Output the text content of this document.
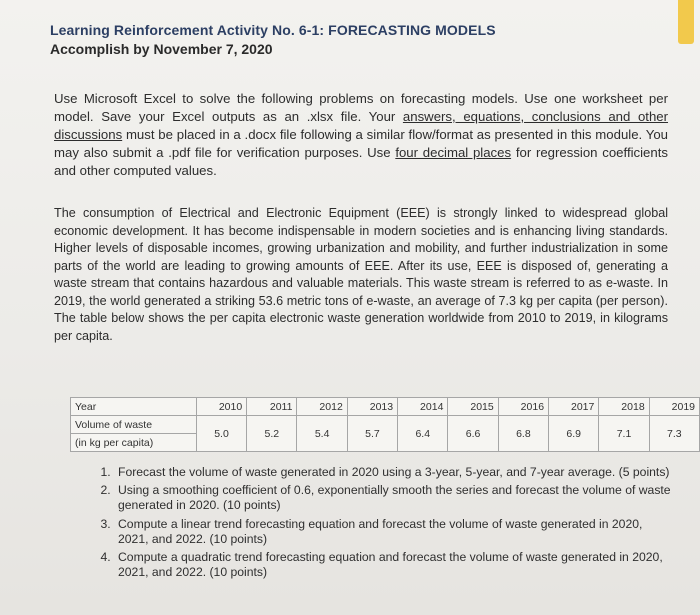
Learning Reinforcement Activity No. 6-1: FORECASTING MODELS
Accomplish by November 7, 2020

Use Microsoft Excel to solve the following problems on forecasting models. Use one worksheet per model. Save your Excel outputs as an .xlsx file. Your answers, equations, conclusions and other discussions must be placed in a .docx file following a similar flow/format as presented in this module. You may also submit a .pdf file for verification purposes. Use four decimal places for regression coefficients and other computed values.

The consumption of Electrical and Electronic Equipment (EEE) is strongly linked to widespread global economic development. It has become indispensable in modern societies and is enhancing living standards. Higher levels of disposable incomes, growing urbanization and mobility, and further industrialization in some parts of the world are leading to growing amounts of EEE. After its use, EEE is disposed of, generating a waste stream that contains hazardous and valuable materials. This waste stream is referred to as e-waste. In 2019, the world generated a striking 53.6 metric tons of e-waste, an average of 7.3 kg per capita (per person). The table below shows the per capita electronic waste generation worldwide from 2010 to 2019, in kilograms per capita.

Year	2010	2011	2012	2013	2014	2015	2016	2017	2018	2019
Volume of waste	5.0	5.2	5.4	5.7	6.4	6.6	6.8	6.9	7.1	7.3
(in kg per capita)										
1. Forecast the volume of waste generated in 2020 using a 3-year, 5-year, and 7-year average. (5 points)
2. Using a smoothing coefficient of 0.6, exponentially smooth the series and forecast the volume of waste generated in 2020. (10 points)
3. Compute a linear trend forecasting equation and forecast the volume of waste generated in 2020, 2021, and 2022. (10 points)
4. Compute a quadratic trend forecasting equation and forecast the volume of waste generated in 2020, 2021, and 2022. (10 points)
